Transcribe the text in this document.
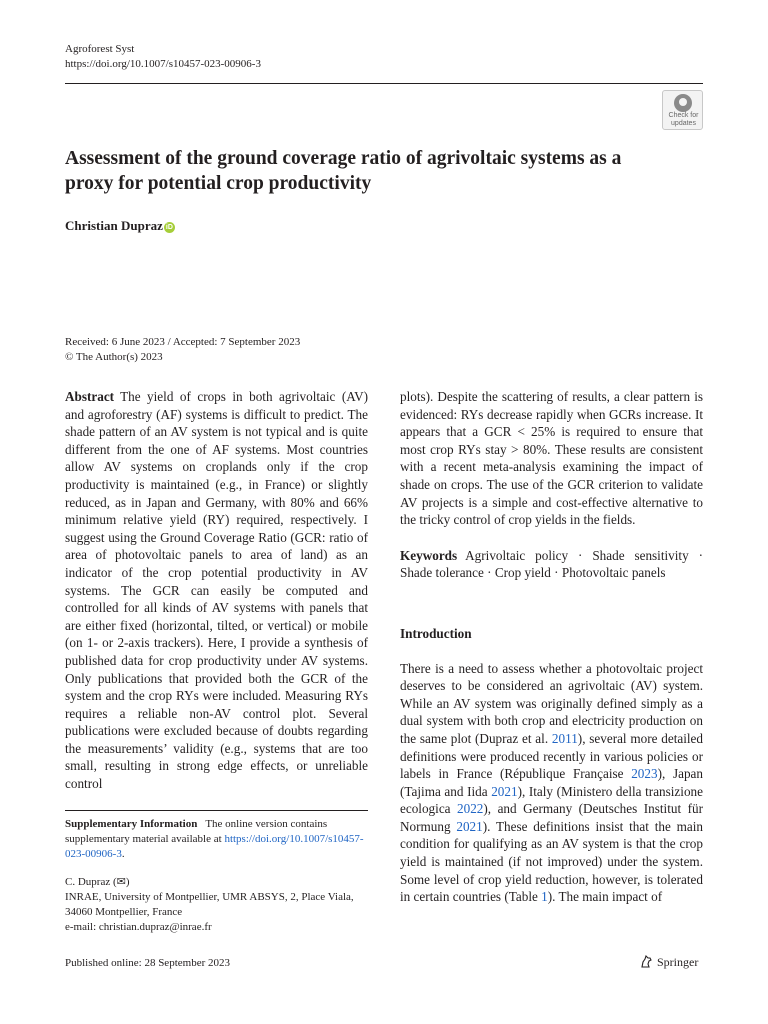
Agroforest Syst
https://doi.org/10.1007/s10457-023-00906-3
Check for
updates
Assessment of the ground coverage ratio of agrivoltaic systems as a proxy for potential crop productivity
Christian Dupraz iD
Received: 6 June 2023 / Accepted: 7 September 2023
© The Author(s) 2023

Abstract The yield of crops in both agrivoltaic (AV) and agroforestry (AF) systems is difficult to predict. The shade pattern of an AV system is not typical and is quite different from the one of AF systems. Most countries allow AV systems on croplands only if the crop productivity is maintained (e.g., in France) or slightly reduced, as in Japan and Germany, with 80% and 66% minimum relative yield (RY) required, respectively. I suggest using the Ground Coverage Ratio (GCR: ratio of area of photovoltaic panels to area of land) as an indicator of the crop potential productivity in AV systems. The GCR can easily be computed and controlled for all kinds of AV systems with panels that are either fixed (horizontal, tilted, or vertical) or mobile (on 1- or 2-axis trackers). Here, I provide a synthesis of published data for crop productivity under AV systems. Only publications that provided both the GCR of the system and the crop RYs were included. Measuring RYs requires a reliable non-AV control plot. Several publications were excluded because of doubts regarding the measurements’ validity (e.g., systems that are too small, resulting in strong edge effects, or unreliable control

plots). Despite the scattering of results, a clear pattern is evidenced: RYs decrease rapidly when GCRs increase. It appears that a GCR < 25% is required to ensure that most crop RYs stay > 80%. These results are consistent with a recent meta-analysis examining the impact of shade on crops. The use of the GCR criterion to validate AV projects is a simple and cost-effective alternative to the tricky control of crop yields in the fields.

Keywords Agrivoltaic policy · Shade sensitivity · Shade tolerance · Crop yield · Photovoltaic panels

Introduction

There is a need to assess whether a photovoltaic project deserves to be considered an agrivoltaic (AV) system. While an AV system was originally defined simply as a dual system with both crop and electricity production on the same plot (Dupraz et al. 2011), several more detailed definitions were produced recently in various policies or labels in France (République Française 2023), Japan (Tajima and Iida 2021), Italy (Ministero della transizione ecologica 2022), and Germany (Deutsches Institut für Normung 2021). These definitions insist that the main condition for qualifying as an AV system is that the crop yield is maintained (if not improved) under the system. Some level of crop yield reduction, however, is tolerated in certain countries (Table 1). The main impact of

Supplementary Information The online version contains supplementary material available at https://doi.org/10.1007/s10457-023-00906-3.
C. Dupraz (✉)
INRAE, University of Montpellier, UMR ABSYS, 2, Place Viala, 34060 Montpellier, France
e-mail: christian.dupraz@inrae.fr
Published online: 28 September 2023	Springer
